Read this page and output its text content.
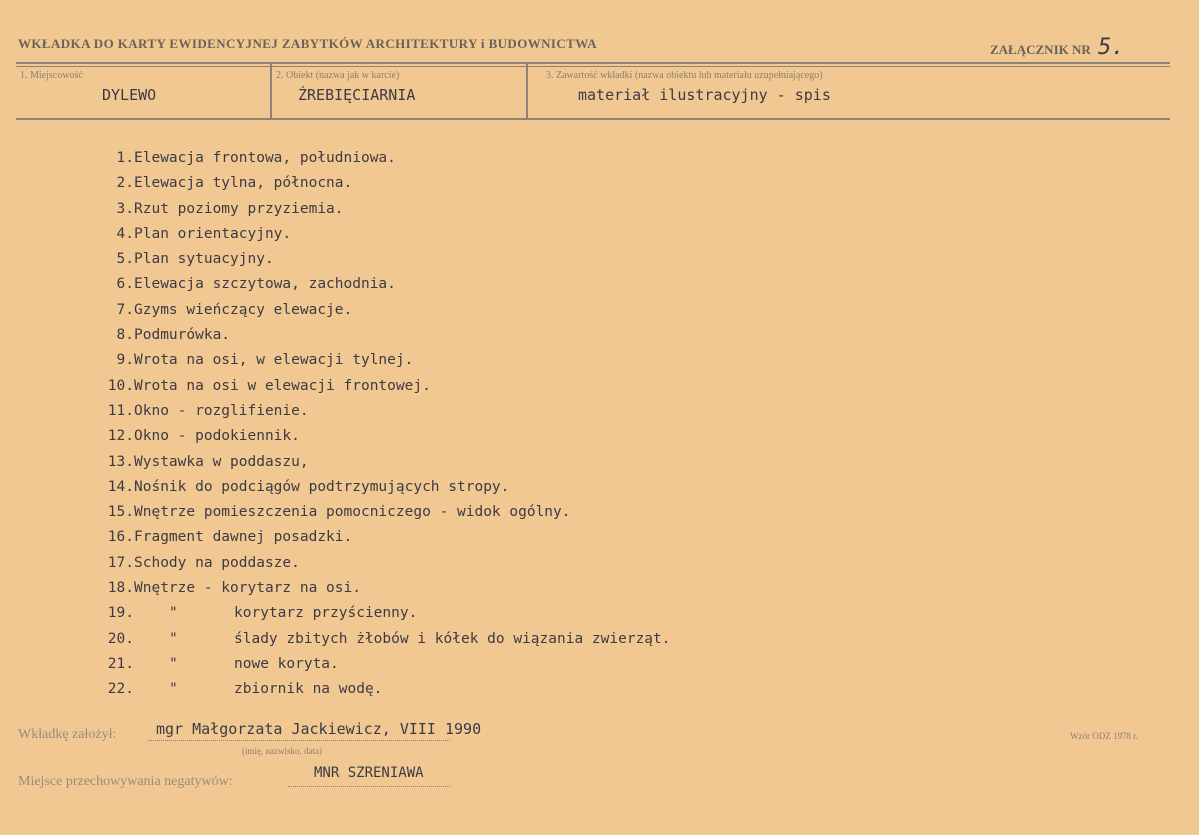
WKŁADKA DO KARTY EWIDENCYJNEJ ZABYTKÓW ARCHITEKTURY i BUDOWNICTWA	ZAŁĄCZNIK NR 5.
1. Miejscowość
DYLEWO
2. Obiekt (nazwa jak w karcie)
ŹREBIĘCIARNIA
3. Zawartość wkładki (nazwa obiektu lub materiału uzupełniającego)
materiał ilustracyjny - spis
1. Elewacja frontowa, południowa.
2. Elewacja tylna, północna.
3. Rzut poziomy przyziemia.
4. Plan orientacyjny.
5. Plan sytuacyjny.
6. Elewacja szczytowa, zachodnia.
7. Gzyms wieńczący elewacje.
8. Podmurówka.
9. Wrota na osi, w elewacji tylnej.
10. Wrota na osi w elewacji frontowej.
11. Okno - rozglifienie.
12. Okno - podokiennik.
13. Wystawka w poddaszu,
14. Nośnik do podciągów podtrzymujących stropy.
15. Wnętrze pomieszczenia pomocniczego - widok ogólny.
16. Fragment dawnej posadzki.
17. Schody na poddasze.
18. Wnętrze - korytarz na osi.
19. "	korytarz przyścienny.
20. "	ślady zbitych żłobów i kółek do wiązania zwierząt.
21. "	nowe koryta.
22. "	zbiornik na wodę.
Wkładkę założył:	mgr Małgorzata Jackiewicz, VIII 1990
(imię, nazwisko, data)
Wzór ODZ 1978 r.
Miejsce przechowywania negatywów:
MNR SZRENIAWA
